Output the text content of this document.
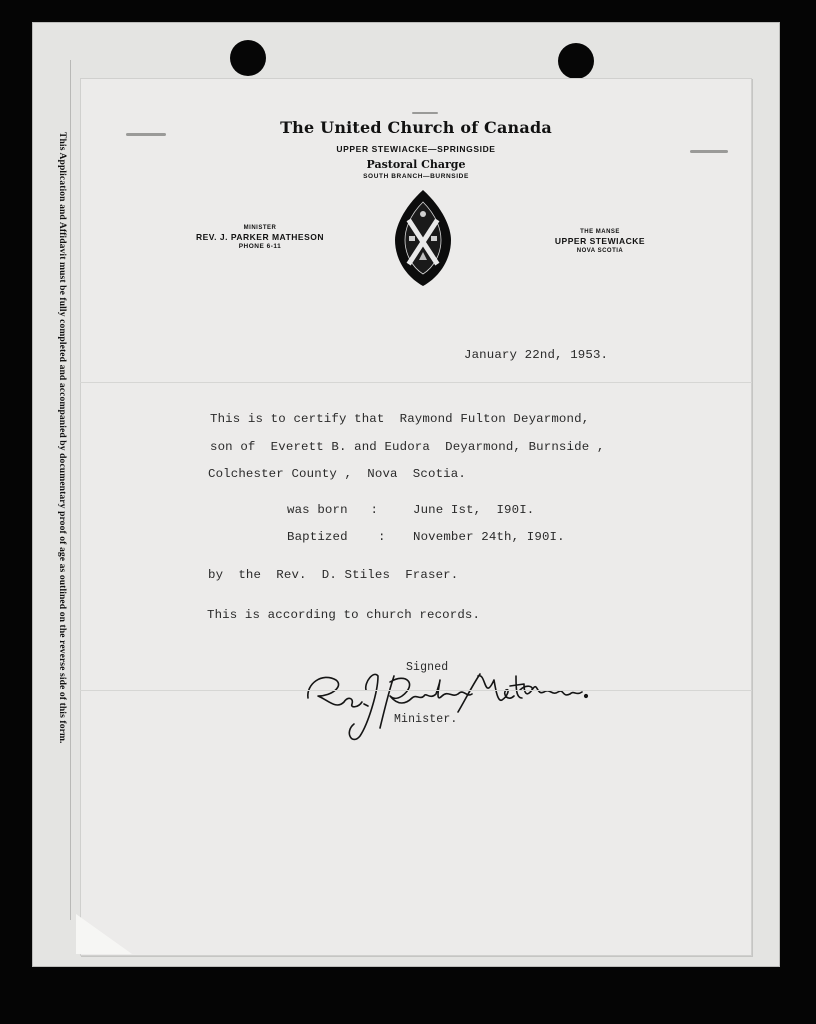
This Application and Affidavit must be fully completed and accompanied by documentary proof of age as outlined on the reverse side of this form.
The United Church of Canada
UPPER STEWIACKE—SPRINGSIDE
Pastoral Charge
SOUTH BRANCH—BURNSIDE
MINISTER
REV. J. PARKER MATHESON
PHONE 6-11
THE MANSE
UPPER STEWIACKE
NOVA SCOTIA
January 22nd, 1953.
This is to certify that  Raymond Fulton Deyarmond,
son of  Everett B. and Eudora  Deyarmond, Burnside ,
Colchester County ,  Nova  Scotia.
was born   :	June Ist,  I90I.
Baptized    : November 24th, I90I.
by  the  Rev.  D. Stiles  Fraser.
This is according to church records.
Signed
Minister.
